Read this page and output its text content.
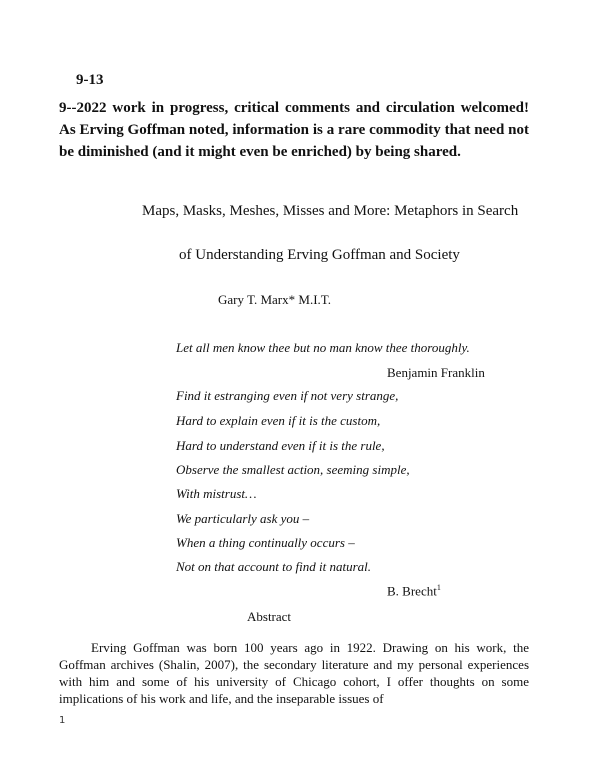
9-13

9--2022 work in progress, critical comments and circulation welcomed! As Erving Goffman noted, information is a rare commodity that need not be diminished (and it might even be enriched) by being shared.

Maps, Masks, Meshes, Misses and More: Metaphors in Search

of Understanding Erving Goffman and Society

Gary T. Marx* M.I.T.

Let all men know thee but no man know thee thoroughly.

Benjamin Franklin

Find it estranging even if not very strange,

Hard to explain even if it is the custom,

Hard to understand even if it is the rule,

Observe the smallest action, seeming simple,

With mistrust…

We particularly ask you –

When a thing continually occurs –

Not on that account to find it natural.

B. Brecht$^1$

Abstract

Erving Goffman was born 100 years ago in 1922. Drawing on his work, the Goffman archives (Shalin, 2007), the secondary literature and my personal experiences with him and some of his university of Chicago cohort, I offer thoughts on some implications of his work and life, and the inseparable issues of

1
